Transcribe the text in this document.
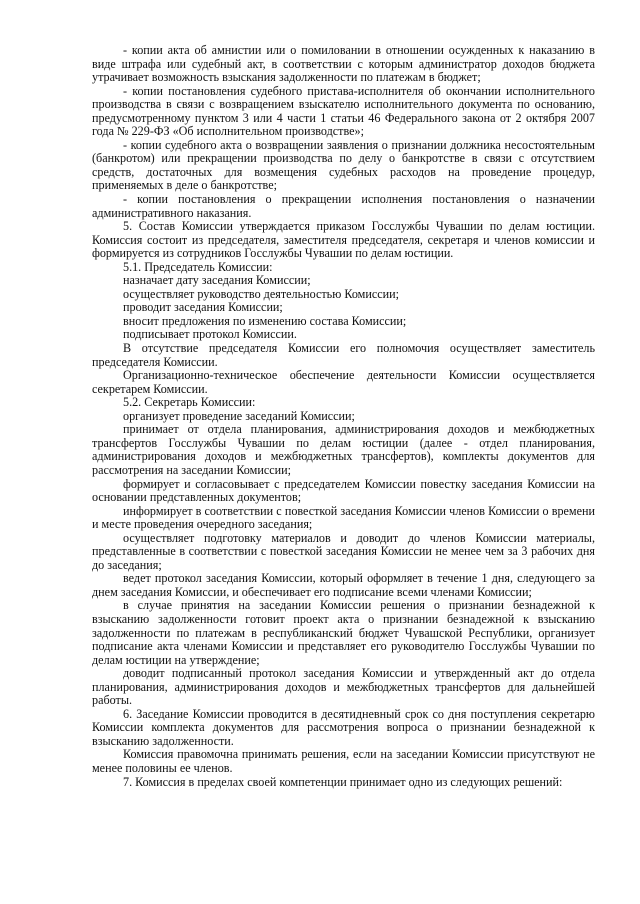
- копии акта об амнистии или о помиловании в отношении осужденных к наказанию в виде штрафа или судебный акт, в соответствии с которым администратор доходов бюджета утрачивает возможность взыскания задолженности по платежам в бюджет;

- копии постановления судебного пристава-исполнителя об окончании исполнительного производства в связи с возвращением взыскателю исполнительного документа по основанию, предусмотренному пунктом 3 или 4 части 1 статьи 46 Федерального закона от 2 октября 2007 года № 229-ФЗ «Об исполнительном производстве»;

- копии судебного акта о возвращении заявления о признании должника несостоятельным (банкротом) или прекращении производства по делу о банкротстве в связи с отсутствием средств, достаточных для возмещения судебных расходов на проведение процедур, применяемых в деле о банкротстве;

- копии постановления о прекращении исполнения постановления о назначении административного наказания.

5. Состав Комиссии утверждается приказом Госслужбы Чувашии по делам юстиции. Комиссия состоит из председателя, заместителя председателя, секретаря и членов комиссии и формируется из сотрудников Госслужбы Чувашии по делам юстиции.

5.1. Председатель Комиссии:

назначает дату заседания Комиссии;

осуществляет руководство деятельностью Комиссии;

проводит заседания Комиссии;

вносит предложения по изменению состава Комиссии;

подписывает протокол Комиссии.

В отсутствие председателя Комиссии его полномочия осуществляет заместитель председателя Комиссии.

Организационно-техническое обеспечение деятельности Комиссии осуществляется секретарем Комиссии.

5.2. Секретарь Комиссии:

организует проведение заседаний Комиссии;

принимает от отдела планирования, администрирования доходов и межбюджетных трансфертов Госслужбы Чувашии по делам юстиции (далее - отдел планирования, администрирования доходов и межбюджетных трансфертов), комплекты документов для рассмотрения на заседании Комиссии;

формирует и согласовывает с председателем Комиссии повестку заседания Комиссии на основании представленных документов;

информирует в соответствии с повесткой заседания Комиссии членов Комиссии о времени и месте проведения очередного заседания;

осуществляет подготовку материалов и доводит до членов Комиссии материалы, представленные в соответствии с повесткой заседания Комиссии не менее чем за 3 рабочих дня до заседания;

ведет протокол заседания Комиссии, который оформляет в течение 1 дня, следующего за днем заседания Комиссии, и обеспечивает его подписание всеми членами Комиссии;

в случае принятия на заседании Комиссии решения о признании безнадежной к взысканию задолженности готовит проект акта о признании безнадежной к взысканию задолженности по платежам в республиканский бюджет Чувашской Республики, организует подписание акта членами Комиссии и представляет его руководителю Госслужбы Чувашии по делам юстиции на утверждение;

доводит подписанный протокол заседания Комиссии и утвержденный акт до отдела планирования, администрирования доходов и межбюджетных трансфертов для дальнейшей работы.

6. Заседание Комиссии проводится в десятидневный срок со дня поступления секретарю Комиссии комплекта документов для рассмотрения вопроса о признании безнадежной к взысканию задолженности.

Комиссия правомочна принимать решения, если на заседании Комиссии присутствуют не менее половины ее членов.

7. Комиссия в пределах своей компетенции принимает одно из следующих решений:
